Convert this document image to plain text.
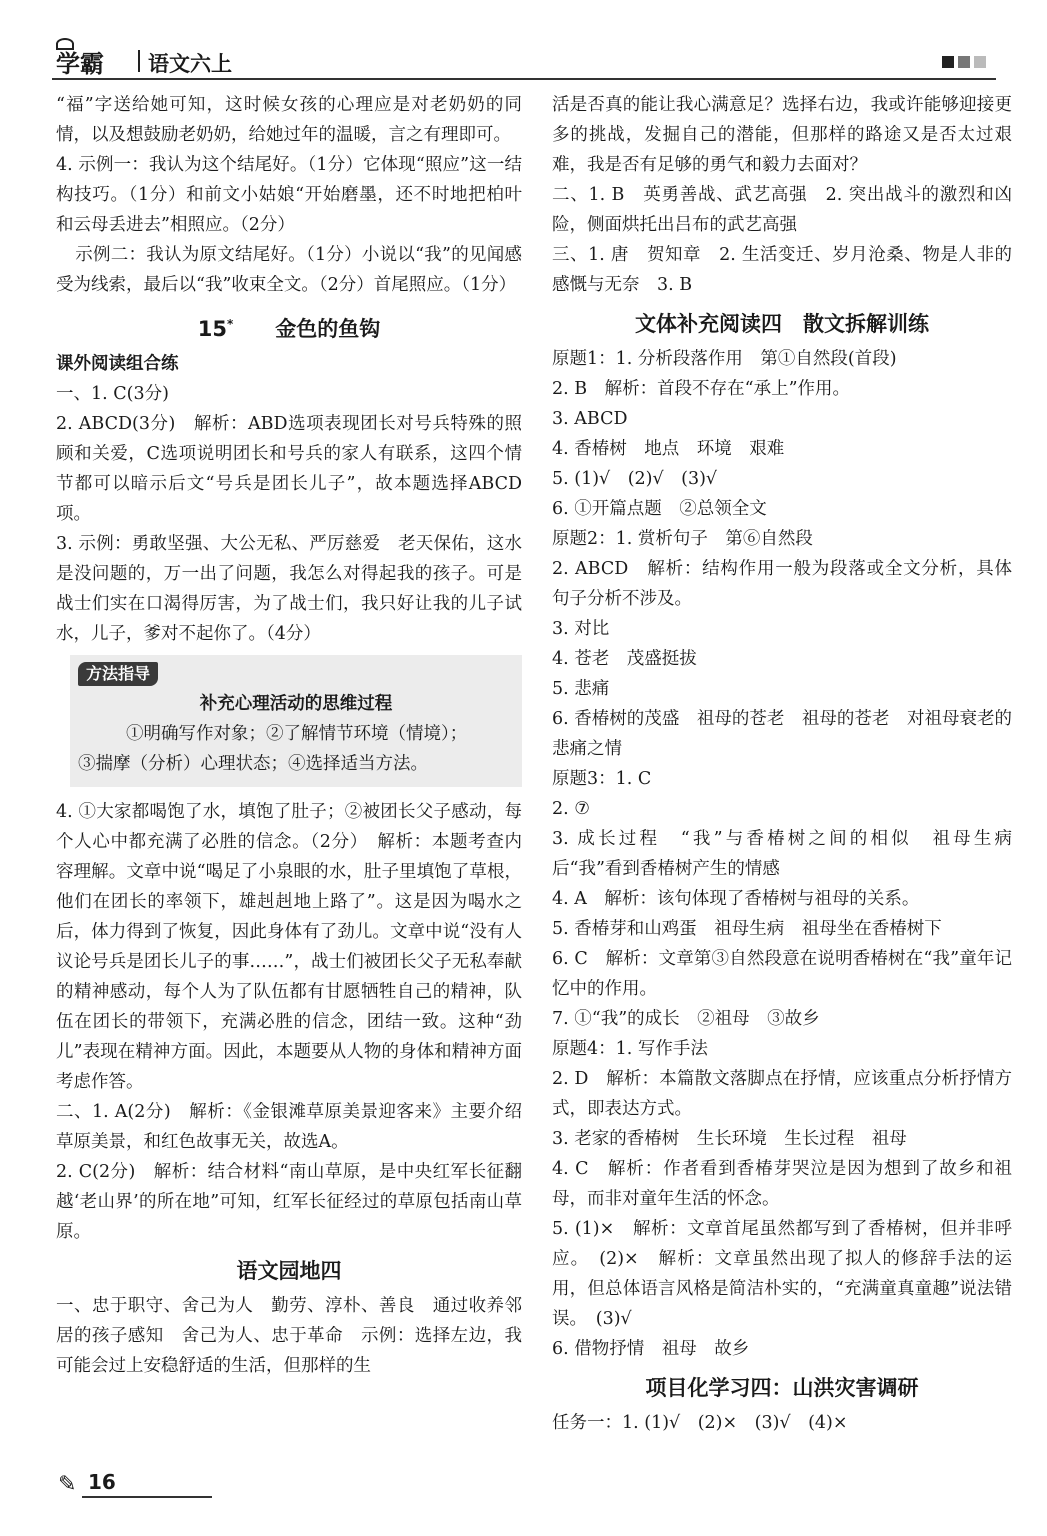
学霸 语文六上

“福”字送给她可知，这时候女孩的心理应是对老奶奶的同情，以及想鼓励老奶奶，给她过年的温暖，言之有理即可。

4. 示例一：我认为这个结尾好。（1分）它体现“照应”这一结构技巧。（1分）和前文小姑娘“开始磨墨，还不时地把柏叶和云母丢进去”相照应。（2分）

示例二：我认为原文结尾好。（1分）小说以“我”的见闻感受为线索，最后以“我”收束全文。（2分）首尾照应。（1分）

15*　　 金色的鱼钩

课外阅读组合练

一、1. C(3分)

2. ABCD(3分)　解析：ABD选项表现团长对号兵特殊的照顾和关爱，C选项说明团长和号兵的家人有联系，这四个情节都可以暗示后文“号兵是团长儿子”，故本题选择ABCD项。

3. 示例：勇敢坚强、大公无私、严厉慈爱　老天保佑，这水是没问题的，万一出了问题，我怎么对得起我的孩子。可是战士们实在口渴得厉害，为了战士们，我只好让我的儿子试水，儿子，爹对不起你了。（4分）

方法指导
补充心理活动的思维过程
①明确写作对象；②了解情节环境（情境）；
③揣摩（分析）心理状态；④选择适当方法。

4. ①大家都喝饱了水，填饱了肚子；②被团长父子感动，每个人心中都充满了必胜的信念。（2分）　解析：本题考查内容理解。文章中说“喝足了小泉眼的水，肚子里填饱了草根，他们在团长的率领下，雄赳赳地上路了”。这是因为喝水之后，体力得到了恢复，因此身体有了劲儿。文章中说“没有人议论号兵是团长儿子的事……”，战士们被团长父子无私奉献的精神感动，每个人为了队伍都有甘愿牺牲自己的精神，队伍在团长的带领下，充满必胜的信念，团结一致。这种“劲儿”表现在精神方面。因此，本题要从人物的身体和精神方面考虑作答。

二、1. A(2分)　解析：《金银滩草原美景迎客来》主要介绍草原美景，和红色故事无关，故选A。

2. C(2分)　解析：结合材料“南山草原，是中央红军长征翻越‘老山界’的所在地”可知，红军长征经过的草原包括南山草原。

语文园地四

一、忠于职守、舍己为人　勤劳、淳朴、善良　通过收养邻居的孩子感知　舍己为人、忠于革命　示例：选择左边，我可能会过上安稳舒适的生活，但那样的生

活是否真的能让我心满意足？选择右边，我或许能够迎接更多的挑战，发掘自己的潜能，但那样的路途又是否太过艰难，我是否有足够的勇气和毅力去面对？

二、1. B　英勇善战、武艺高强　2. 突出战斗的激烈和凶险，侧面烘托出吕布的武艺高强

三、1. 唐　贺知章　2. 生活变迁、岁月沧桑、物是人非的感慨与无奈　3. B

文体补充阅读四　散文拆解训练

原题1：1. 分析段落作用　第①自然段(首段)

2. B　解析：首段不存在“承上”作用。

3. ABCD

4. 香椿树　地点　环境　艰难

5. (1)√　(2)√　(3)√

6. ①开篇点题　②总领全文

原题2：1. 赏析句子　第⑥自然段

2. ABCD　解析：结构作用一般为段落或全文分析，具体句子分析不涉及。

3. 对比

4. 苍老　茂盛挺拔

5. 悲痛

6. 香椿树的茂盛　祖母的苍老　祖母的苍老　对祖母衰老的悲痛之情

原题3：1. C

2. ⑦

3. 成长过程　“我”与香椿树之间的相似　祖母生病后“我”看到香椿树产生的情感

4. A　解析：该句体现了香椿树与祖母的关系。

5. 香椿芽和山鸡蛋　祖母生病　祖母坐在香椿树下

6. C　解析：文章第③自然段意在说明香椿树在“我”童年记忆中的作用。

7. ①“我”的成长　②祖母　③故乡

原题4：1. 写作手法

2. D　解析：本篇散文落脚点在抒情，应该重点分析抒情方式，即表达方式。

3. 老家的香椿树　生长环境　生长过程　祖母

4. C　解析：作者看到香椿芽哭泣是因为想到了故乡和祖母，而非对童年生活的怀念。

5. (1)×　解析：文章首尾虽然都写到了香椿树，但并非呼应。　(2)×　解析：文章虽然出现了拟人的修辞手法的运用，但总体语言风格是简洁朴实的，“充满童真童趣”说法错误。　(3)√

6. 借物抒情　祖母　故乡

项目化学习四：山洪灾害调研

任务一：1. (1)√　(2)×　(3)√　(4)×

✎ 16
